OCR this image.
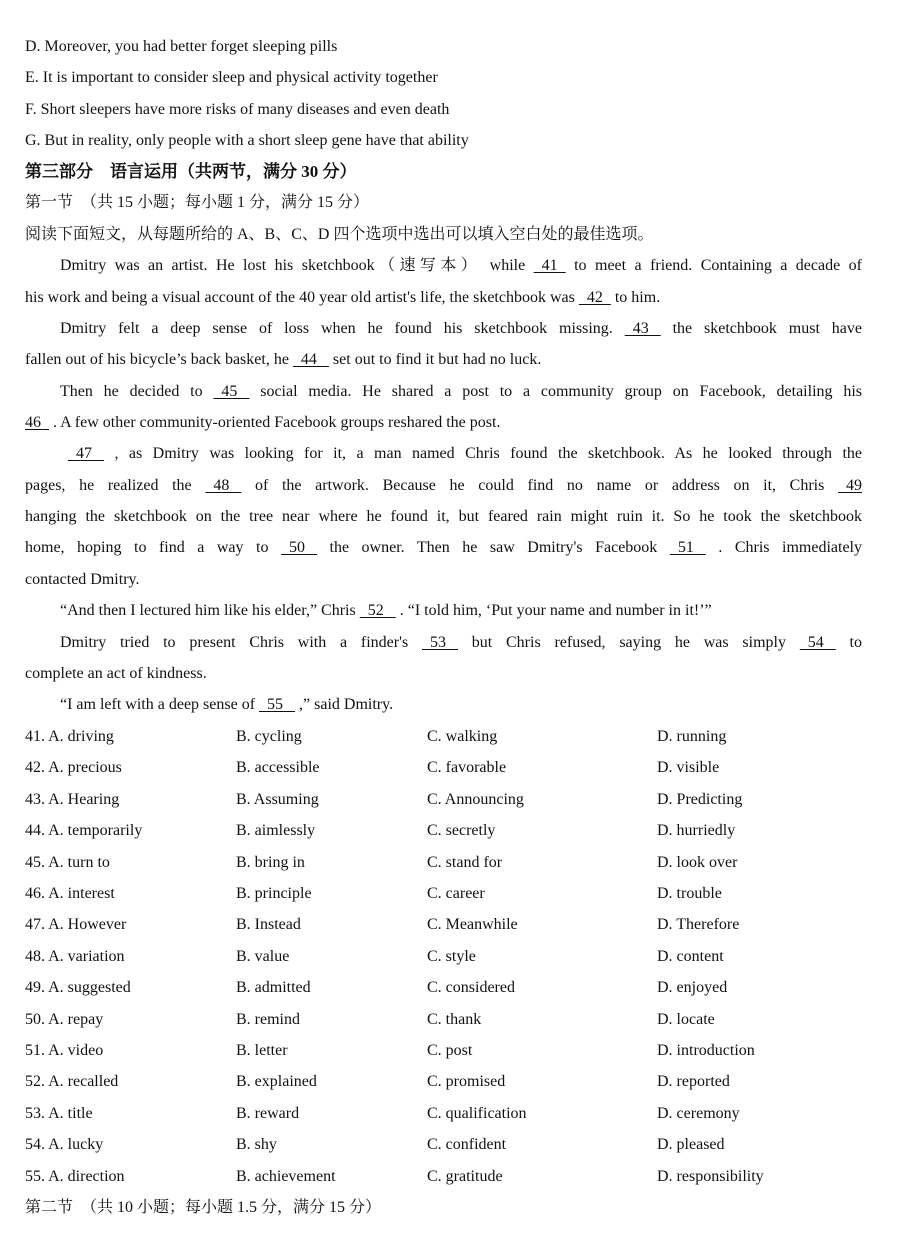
D. Moreover, you had better forget sleeping pills
E. It is important to consider sleep and physical activity together
F. Short sleepers have more risks of many diseases and even death
G. But in reality, only people with a short sleep gene have that ability
第三部分　语言运用（共两节，满分 30 分）
第一节　（共 15 小题；每小题 1 分，满分 15 分）
阅读下面短文，从每题所给的 A、B、C、D 四个选项中选出可以填入空白处的最佳选项。
Dmitry was an artist. He lost his sketchbook（速写本） while   41   to meet a friend. Containing a decade of
his work and being a visual account of the 40 year old artist's life, the sketchbook was   42   to him.
Dmitry felt a deep sense of loss when he found his sketchbook missing.   43    the sketchbook must have
fallen out of his bicycle’s back basket, he   44    set out to find it but had no luck.
Then he decided to   45    social media. He shared a post to a community group on Facebook, detailing his
46   . A few other community-oriented Facebook groups reshared the post.
47    , as Dmitry was looking for it, a man named Chris found the sketchbook. As he looked through the
pages, he realized the   48    of the artwork. Because he could find no name or address on it, Chris   49
hanging the sketchbook on the tree near where he found it, but feared rain might ruin it. So he took the sketchbook
home, hoping to find a way to   50    the owner. Then he saw Dmitry's Facebook   51    . Chris immediately
contacted Dmitry.
“And then I lectured him like his elder,” Chris   52    . “I told him, ‘Put your name and number in it!’”
Dmitry tried to present Chris with a finder's   53    but Chris refused, saying he was simply   54    to
complete an act of kindness.
“I am left with a deep sense of   55    ,” said Dmitry.
41. A. driving	B. cycling	C. walking	D. running
42. A. precious	B. accessible	C. favorable	D. visible
43. A. Hearing	B. Assuming	C. Announcing	D. Predicting
44. A. temporarily	B. aimlessly	C. secretly	D. hurriedly
45. A. turn to	B. bring in	C. stand for	D. look over
46. A. interest	B. principle	C. career	D. trouble
47. A. However	B. Instead	C. Meanwhile	D. Therefore
48. A. variation	B. value	C. style	D. content
49. A. suggested	B. admitted	C. considered	D. enjoyed
50. A. repay	B. remind	C. thank	D. locate
51. A. video	B. letter	C. post	D. introduction
52. A. recalled	B. explained	C. promised	D. reported
53. A. title	B. reward	C. qualification	D. ceremony
54. A. lucky	B. shy	C. confident	D. pleased
55. A. direction	B. achievement	C. gratitude	D. responsibility
第二节　（共 10 小题；每小题 1.5 分，满分 15 分）
